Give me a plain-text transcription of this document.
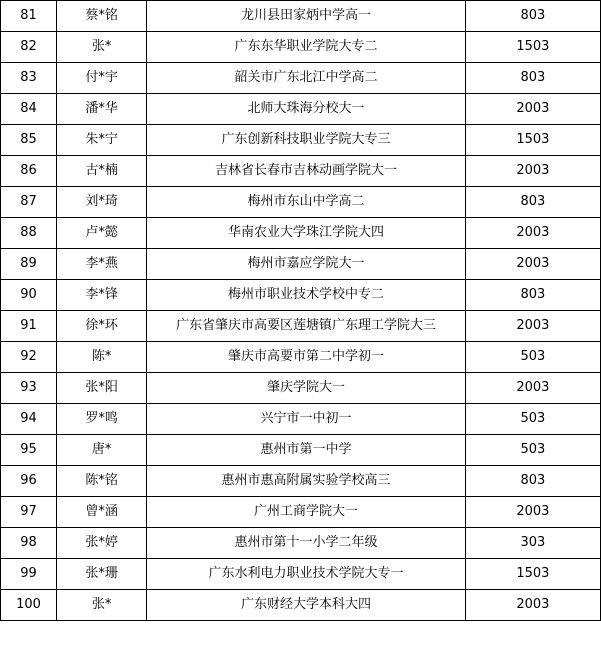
81	蔡*铭	龙川县田家炳中学高一	803
82	张*	广东东华职业学院大专二	1503
83	付*宇	韶关市广东北江中学高二	803
84	潘*华	北师大珠海分校大一	2003
85	朱*宁	广东创新科技职业学院大专三	1503
86	古*楠	吉林省长春市吉林动画学院大一	2003
87	刘*琦	梅州市东山中学高二	803
88	卢*懿	华南农业大学珠江学院大四	2003
89	李*燕	梅州市嘉应学院大一	2003
90	李*锋	梅州市职业技术学校中专二	803
91	徐*环	广东省肇庆市高要区莲塘镇广东理工学院大三	2003
92	陈*	肇庆市高要市第二中学初一	503
93	张*阳	肇庆学院大一	2003
94	罗*鸣	兴宁市一中初一	503
95	唐*	惠州市第一中学	503
96	陈*铭	惠州市惠高附属实验学校高三	803
97	曾*涵	广州工商学院大一	2003
98	张*婷	惠州市第十一小学二年级	303
99	张*珊	广东水利电力职业技术学院大专一	1503
100	张*	广东财经大学本科大四	2003
